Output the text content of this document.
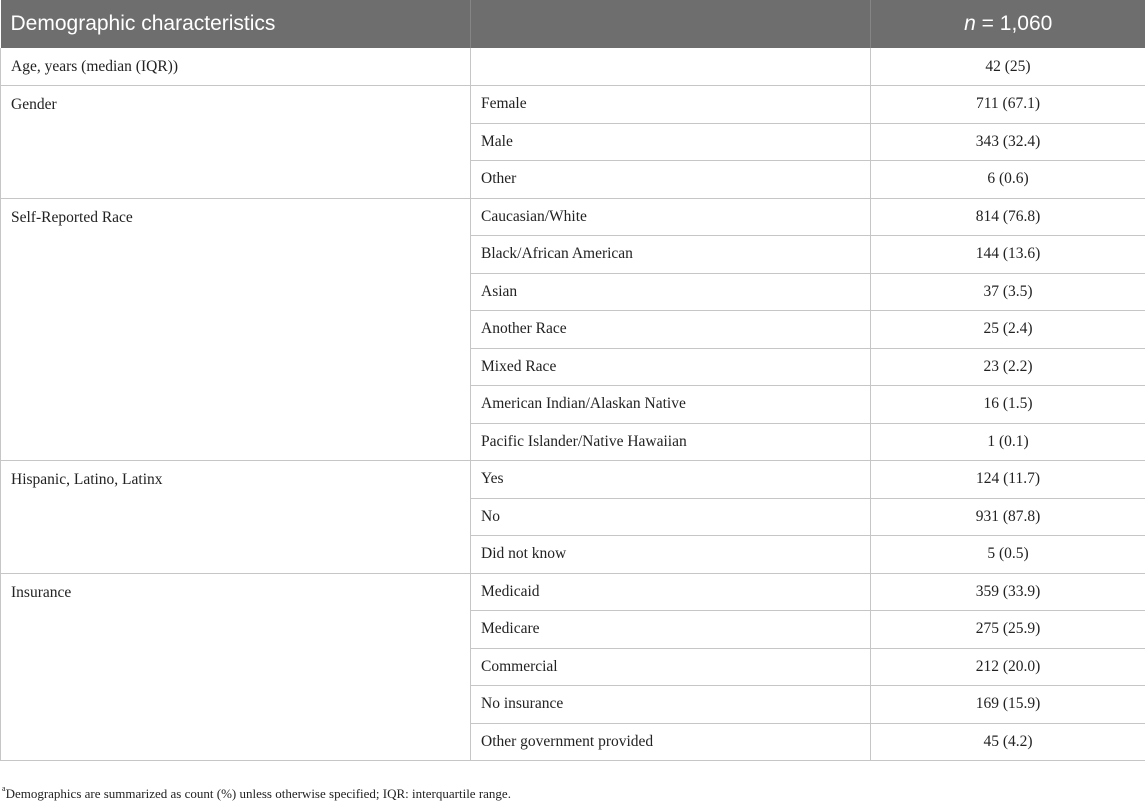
Demographic characteristics		n = 1,060
Age, years (median (IQR))		42 (25)
Gender	Female	711 (67.1)
	Male	343 (32.4)
	Other	6 (0.6)
Self-Reported Race	Caucasian/White	814 (76.8)
	Black/African American	144 (13.6)
	Asian	37 (3.5)
	Another Race	25 (2.4)
	Mixed Race	23 (2.2)
	American Indian/Alaskan Native	16 (1.5)
	Pacific Islander/Native Hawaiian	1 (0.1)
Hispanic, Latino, Latinx	Yes	124 (11.7)
	No	931 (87.8)
	Did not know	5 (0.5)
Insurance	Medicaid	359 (33.9)
	Medicare	275 (25.9)
	Commercial	212 (20.0)
	No insurance	169 (15.9)
	Other government provided	45 (4.2)
$^a$Demographics are summarized as count (%) unless otherwise specified; IQR: interquartile range.
